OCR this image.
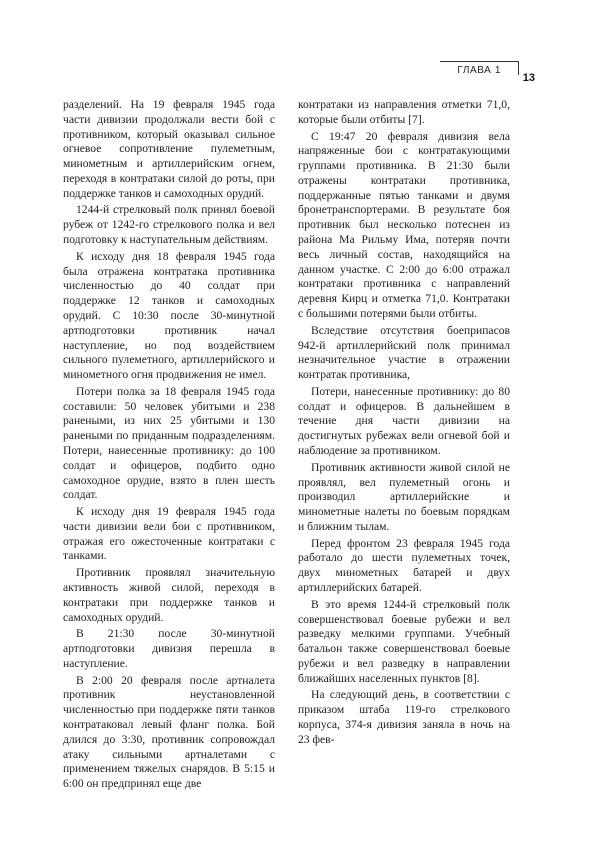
ГЛАВА 1
13

разделений. На 19 февраля 1945 года части дивизии продолжали вести бой с противником, который оказывал сильное огневое сопротивление пулеметным, минометным и артиллерийским огнем, переходя в контратаки силой до роты, при поддержке танков и самоходных орудий.

1244-й стрелковый полк принял боевой рубеж от 1242-го стрелкового полка и вел подготовку к наступательным действиям.

К исходу дня 18 февраля 1945 года была отражена контратака противника численностью до 40 солдат при поддержке 12 танков и самоходных орудий. С 10:30 после 30-минутной артподготовки противник начал наступление, но под воздействием сильного пулеметного, артиллерийского и минометного огня продвижения не имел.

Потери полка за 18 февраля 1945 года составили: 50 человек убитыми и 238 ранеными, из них 25 убитыми и 130 ранеными по приданным подразделениям. Потери, нанесенные противнику: до 100 солдат и офицеров, подбито одно самоходное орудие, взято в плен шесть солдат.

К исходу дня 19 февраля 1945 года части дивизии вели бои с противником, отражая его ожесточенные контратаки с танками.

Противник проявлял значительную активность живой силой, переходя в контратаки при поддержке танков и самоходных орудий.

В 21:30 после 30-минутной артподготовки дивизия перешла в наступление.

В 2:00 20 февраля после артналета противник неустановленной численностью при поддержке пяти танков контратаковал левый фланг полка. Бой длился до 3:30, противник сопровождал атаку сильными артналетами с применением тяжелых снарядов. В 5:15 и 6:00 он предпринял еще две

контратаки из направления отметки 71,0, которые были отбиты [7].

С 19:47 20 февраля дивизия вела напряженные бои с контратакующими группами противника. В 21:30 были отражены контратаки противника, поддержанные пятью танками и двумя бронетранспортерами. В результате боя противник был несколько потеснен из района Ма Рильму Има, потеряв почти весь личный состав, находящийся на данном участке. С 2:00 до 6:00 отражал контратаки противника с направлений деревня Кирц и отметка 71,0. Контратаки с большими потерями были отбиты.

Вследствие отсутствия боеприпасов 942-й артиллерийский полк принимал незначительное участие в отражении контратак противника,

Потери, нанесенные противнику: до 80 солдат и офицеров. В дальнейшем в течение дня части дивизии на достигнутых рубежах вели огневой бой и наблюдение за противником.

Противник активности живой силой не проявлял, вел пулеметный огонь и производил артиллерийские и минометные налеты по боевым порядкам и ближним тылам.

Перед фронтом 23 февраля 1945 года работало до шести пулеметных точек, двух минометных батарей и двух артиллерийских батарей.

В это время 1244-й стрелковый полк совершенствовал боевые рубежи и вел разведку мелкими группами. Учебный батальон также совершенствовал боевые рубежи и вел разведку в направлении ближайших населенных пунктов [8].

На следующий день, в соответствии с приказом штаба 119-го стрелкового корпуса, 374-я дивизия заняла в ночь на 23 фев-
